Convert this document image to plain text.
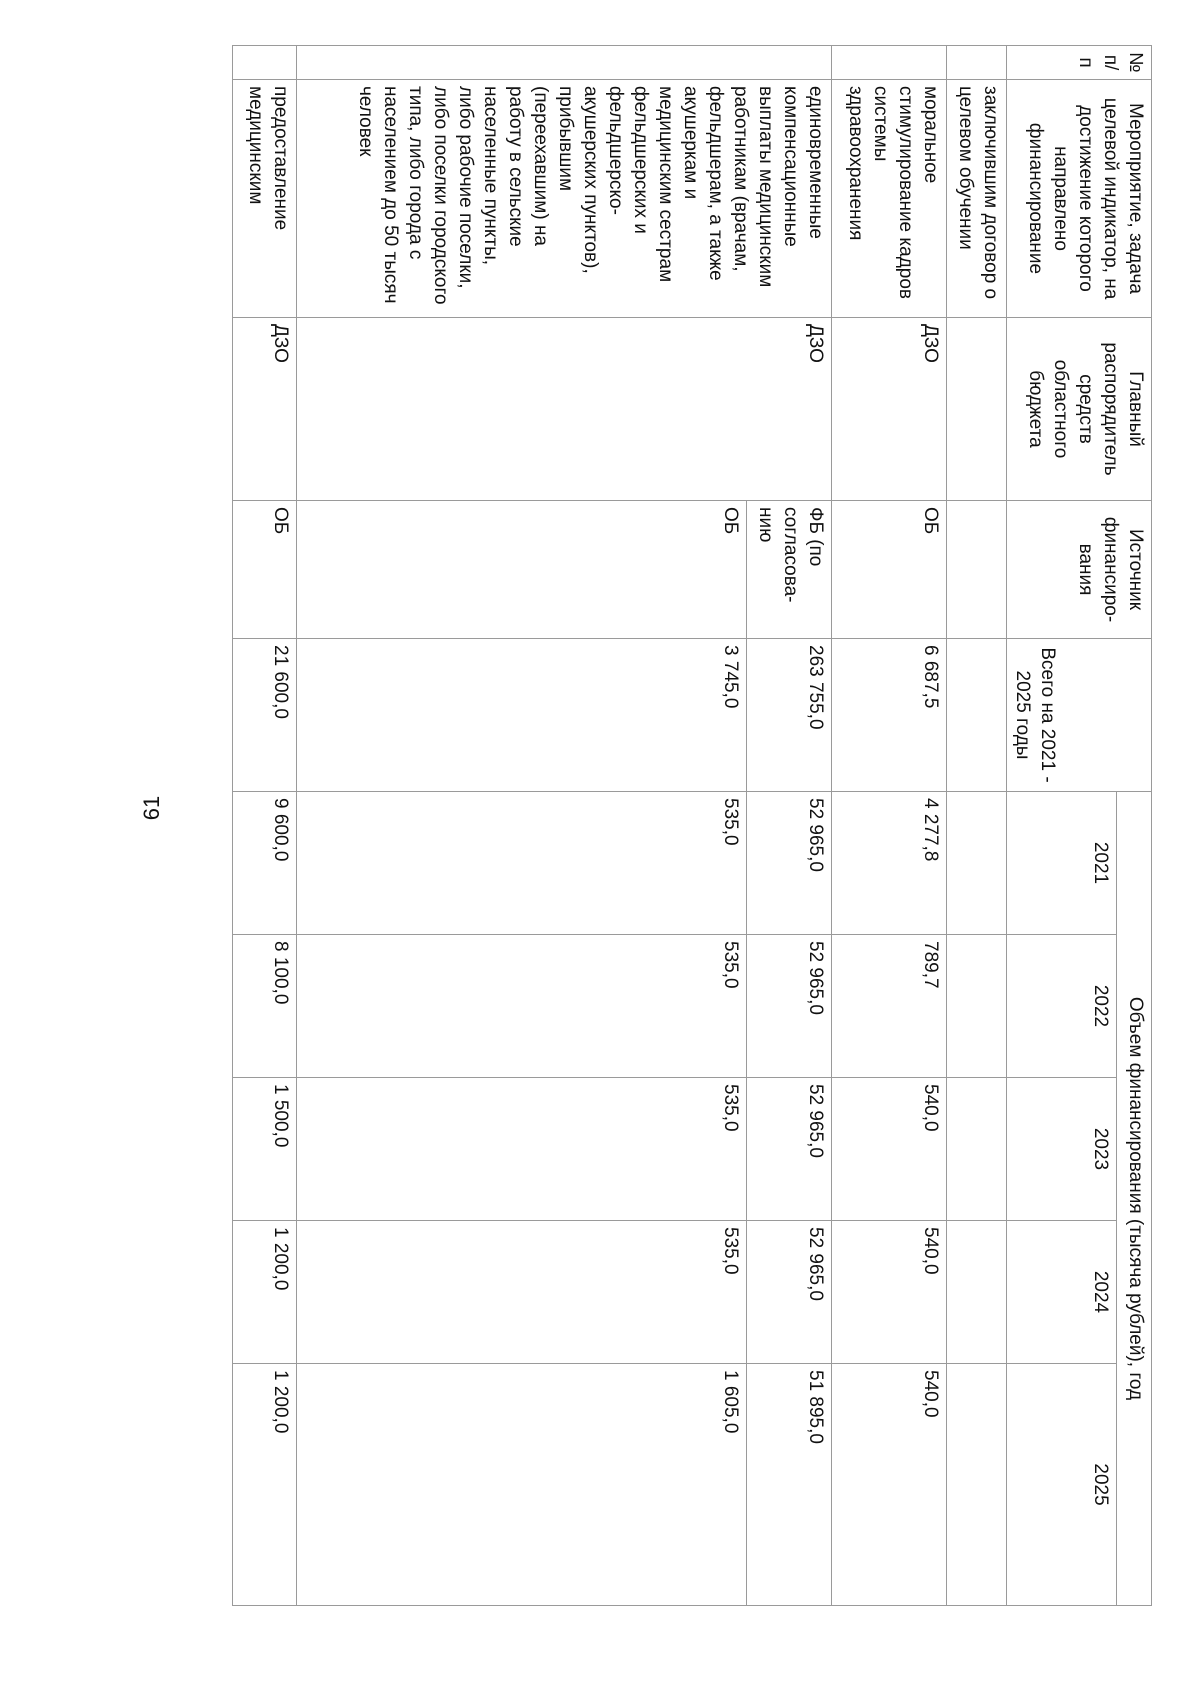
61
№ п/п	Мероприятие, задача целевой индикатор, на достижение которого направлено финансирование	Главный распорядитель средств областного бюджета	Источник финансиро-вания	Всего на 2021 - 2025 годы	Объем финансирования (тысяча рублей), год				
					2021	2022	2023	2024	2025
	заключившим договор о целевом обучении								
	моральное стимулирование кадров системы здравоохранения	ДЗО	ОБ	6 687,5	4 277,8	789,7	540,0	540,0	540,0
	единовременные компенсационные выплаты медицинским работникам (врачам, фельдшерам, а также акушеркам и медицинским сестрам фельдшерских и фельдшерско-акушерских пунктов), прибывшим (переехавшим) на работу в сельские населенные пункты, либо рабочие поселки, либо поселки городского типа, либо города с населением до 50 тысяч человек	ДЗО	ФБ (по согласова-нию	263 755,0	52 965,0	52 965,0	52 965,0	52 965,0	51 895,0
			ОБ	3 745,0	535,0	535,0	535,0	535,0	1 605,0
	предоставление медицинским	ДЗО	ОБ	21 600,0	9 600,0	8 100,0	1 500,0	1 200,0	1 200,0
